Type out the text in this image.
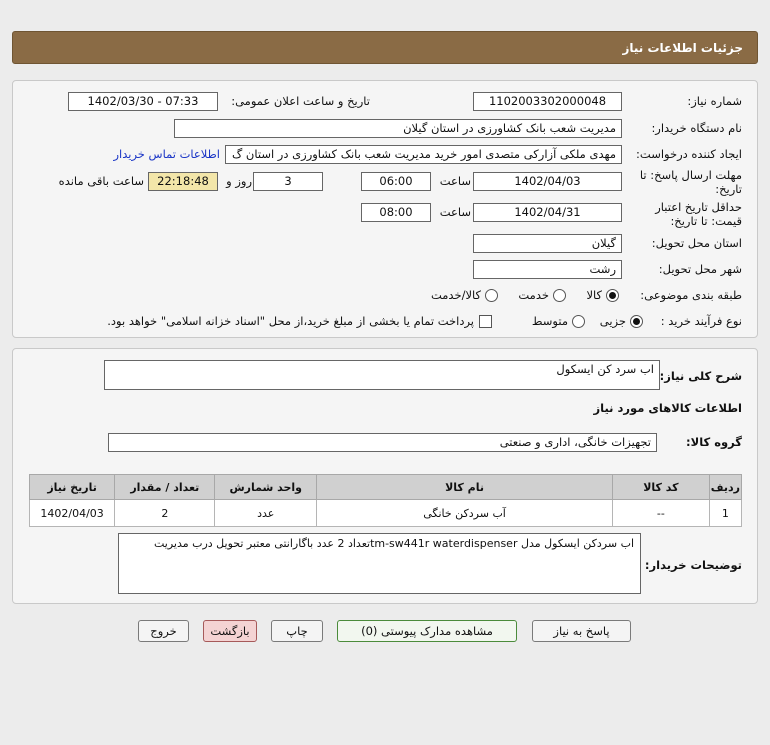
جزئیات اطلاعات نیاز
شماره نیاز:
1102003302000048
تاریخ و ساعت اعلان عمومی:
1402/03/30 - 07:33
نام دستگاه خریدار:
مدیریت شعب بانک کشاورزی در استان گیلان
ایجاد کننده درخواست:
مهدی ملکی آزارکی متصدی امور خرید مدیریت شعب بانک کشاورزی در استان گ
اطلاعات تماس خریدار
مهلت ارسال پاسخ: تا
تاریخ:
1402/04/03
ساعت
06:00
3
روز و
22:18:48
ساعت باقی مانده
حداقل تاریخ اعتبار
قیمت: تا تاریخ:
1402/04/31
ساعت
08:00
استان محل تحویل:
گیلان
شهر محل تحویل:
رشت
طبقه بندی موضوعی:
کالا
خدمت
کالا/خدمت
نوع فرآیند خرید :
جزیی
متوسط
پرداخت تمام یا بخشی از مبلغ خرید،از محل "اسناد خزانه اسلامی" خواهد بود.
شرح کلی نیاز:
اب سرد کن ایسکول
اطلاعات کالاهای مورد نیاز
گروه کالا:
تجهیزات خانگی، اداری و صنعتی
ردیف	کد کالا	نام کالا	واحد شمارش	تعداد / مقدار	تاریخ نیاز
1	--	آب سردکن خانگی	عدد	2	1402/04/03
توضیحات خریدار:
اب سردکن ایسکول مدل tm-sw441r waterdispenserتعداد 2 عدد باگارانتی معتبر تحویل درب مدیریت
پاسخ به نیاز
مشاهده مدارک پیوستی (0)
چاپ
بازگشت
خروج
